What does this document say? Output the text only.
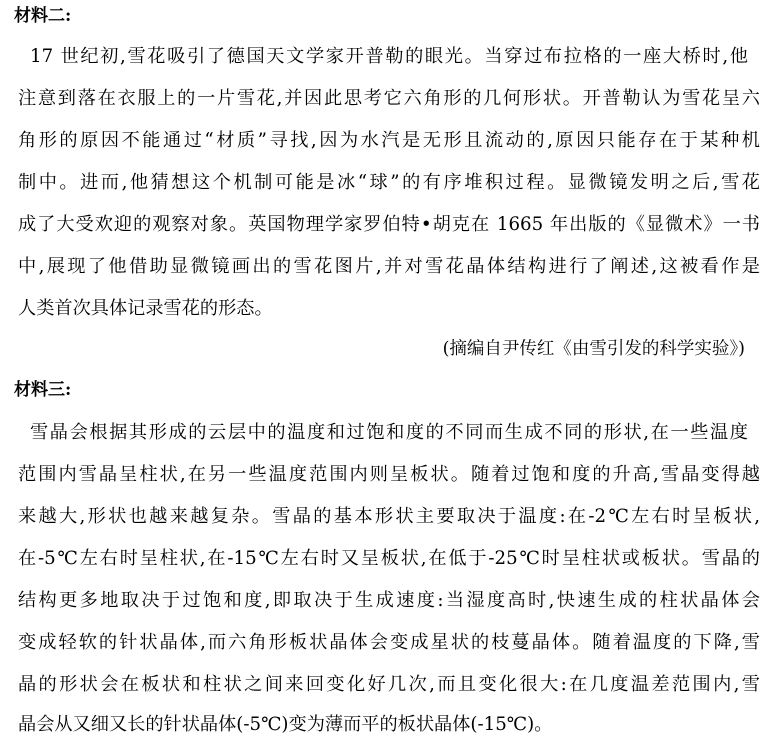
材料二:
17 世纪初,雪花吸引了德国天文学家开普勒的眼光。当穿过布拉格的一座大桥时,他
注意到落在衣服上的一片雪花,并因此思考它六角形的几何形状。开普勒认为雪花呈六
角形的原因不能通过“材质”寻找,因为水汽是无形且流动的,原因只能存在于某种机
制中。进而,他猜想这个机制可能是冰“球”的有序堆积过程。显微镜发明之后,雪花
成了大受欢迎的观察对象。英国物理学家罗伯特•胡克在 1665 年出版的《显微术》一书
中,展现了他借助显微镜画出的雪花图片,并对雪花晶体结构进行了阐述,这被看作是
人类首次具体记录雪花的形态。
(摘编自尹传红《由雪引发的科学实验》)
材料三:
雪晶会根据其形成的云层中的温度和过饱和度的不同而生成不同的形状,在一些温度
范围内雪晶呈柱状,在另一些温度范围内则呈板状。随着过饱和度的升高,雪晶变得越
来越大,形状也越来越复杂。雪晶的基本形状主要取决于温度:在-2℃左右时呈板状,
在-5℃左右时呈柱状,在-15℃左右时又呈板状,在低于-25℃时呈柱状或板状。雪晶的
结构更多地取决于过饱和度,即取决于生成速度:当湿度高时,快速生成的柱状晶体会
变成轻软的针状晶体,而六角形板状晶体会变成星状的枝蔓晶体。随着温度的下降,雪
晶的形状会在板状和柱状之间来回变化好几次,而且变化很大:在几度温差范围内,雪
晶会从又细又长的针状晶体(-5℃)变为薄而平的板状晶体(-15℃)。
